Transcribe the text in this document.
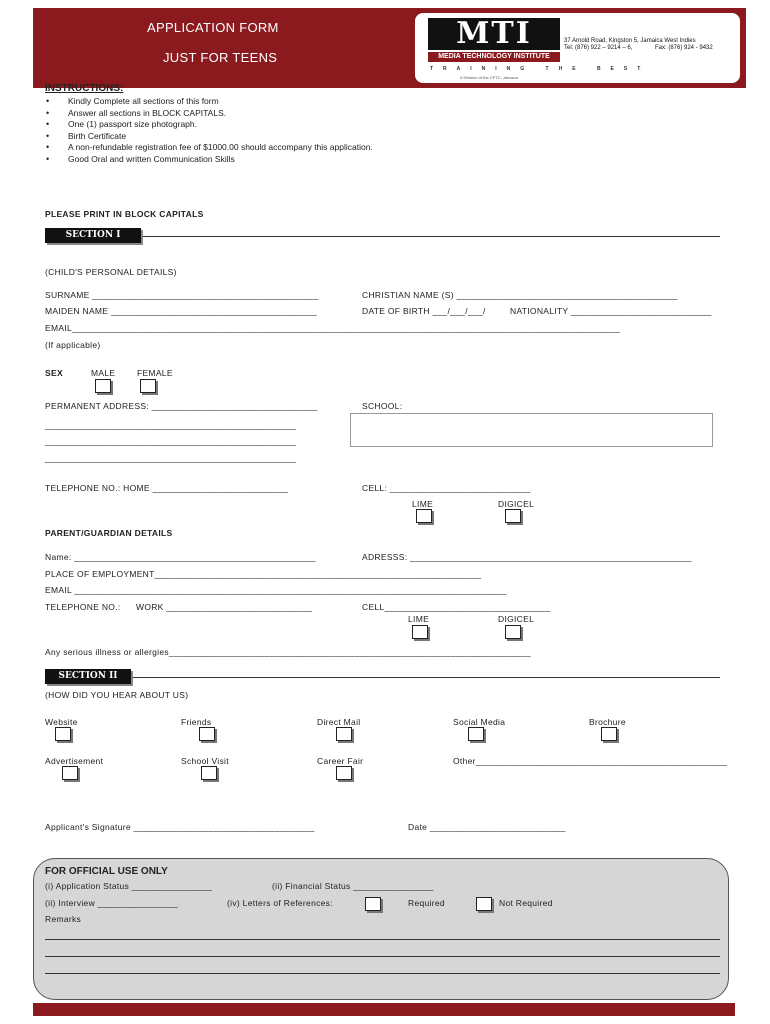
APPLICATION FORM
JUST FOR TEENS
MTI
MEDIA TECHNOLOGY INSTITUTE
TRAINING THE BEST
A Division of the CPTC, Jamaica
37 Arnold Road, Kingston 5, Jamaica West Indies
Tel: (876) 922 – 9214 – 6,	Fax: (876) 924 - 9432
INSTRUCTIONS:
• Kindly Complete all sections of this form
• Answer all sections in BLOCK CAPITALS.
• One (1) passport size photograph.
• Birth Certificate
• A non-refundable registration fee of $1000.00 should accompany this application.
• Good Oral and written Communication Skills
PLEASE PRINT IN BLOCK CAPITALS
SECTION I
(CHILD'S PERSONAL DETAILS)
SURNAME _____________________________________________	CHRISTIAN NAME (S) ____________________________________________
MAIDEN NAME _________________________________________	DATE OF BIRTH ___/___/___/	NATIONALITY ____________________________
EMAIL_____________________________________________________________________________________________________________
(If applicable)
SEX	MALE	FEMALE
PERMANENT ADDRESS: _________________________________	SCHOOL:
__________________________________________________
__________________________________________________
__________________________________________________
TELEPHONE NO.: HOME ___________________________	CELL: ____________________________
LIME	DIGICEL
PARENT/GUARDIAN DETAILS
Name: ________________________________________________	ADRESSS: ________________________________________________________
PLACE OF EMPLOYMENT_________________________________________________________________
EMAIL ______________________________________________________________________________________
TELEPHONE NO.: WORK _____________________________	CELL_________________________________
LIME	DIGICEL
Any serious illness or allergies________________________________________________________________________
SECTION II
(HOW DID YOU HEAR ABOUT US)
Website	Friends	Direct Mail	Social Media	Brochure
Advertisement	School Visit	Career Fair	Other__________________________________________________
Applicant's Signature ____________________________________	Date ___________________________
FOR OFFICIAL USE ONLY
(i) Application Status ________________	(ii) Financial Status ________________
(ii) Interview ________________	(iv) Letters of References:	Required	Not Required
Remarks
